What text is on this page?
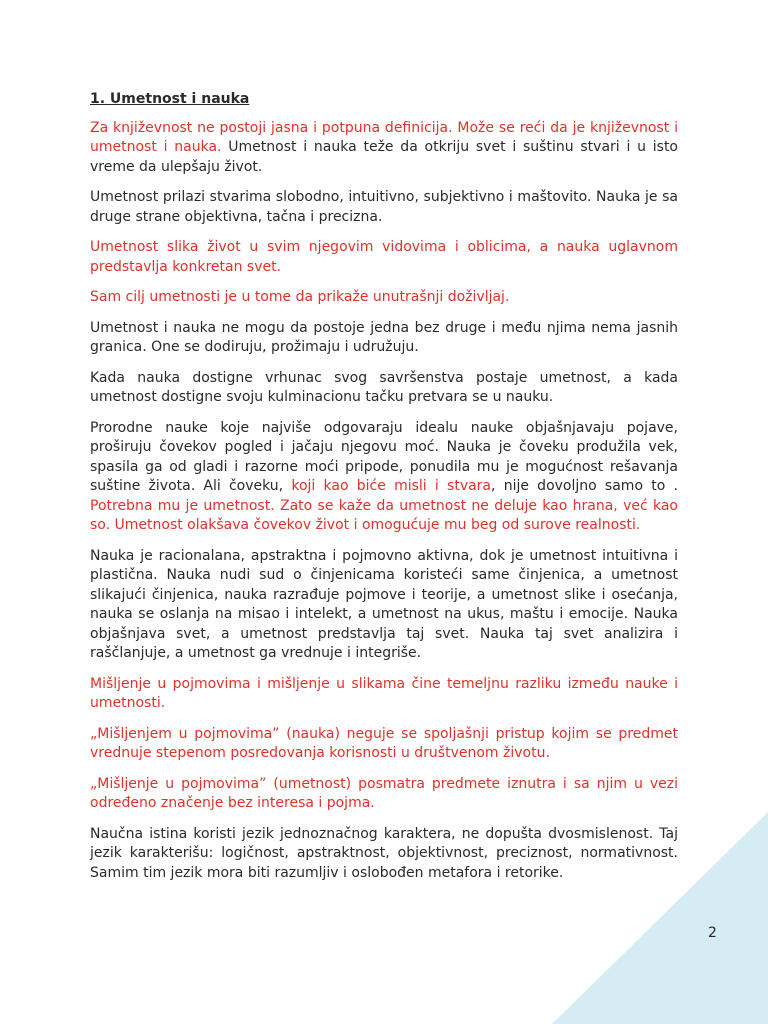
1. Umetnost i nauka

Za književnost ne postoji jasna i potpuna definicija. Može se reći da je književnost i umetnost i nauka. Umetnost i nauka teže da otkriju svet i suštinu stvari i u isto vreme da ulepšaju život.

Umetnost prilazi stvarima slobodno, intuitivno, subjektivno i maštovito. Nauka je sa druge strane objektivna, tačna i precizna.

Umetnost slika život u svim njegovim vidovima i oblicima, a nauka uglavnom predstavlja konkretan svet.

Sam cilj umetnosti je u tome da prikaže unutrašnji doživljaj.

Umetnost i nauka ne mogu da postoje jedna bez druge i među njima nema jasnih granica. One se dodiruju, prožimaju i udružuju.

Kada nauka dostigne vrhunac svog savršenstva postaje umetnost, a kada umetnost dostigne svoju kulminacionu tačku pretvara se u nauku.

Prorodne nauke koje najviše odgovaraju idealu nauke objašnjavaju pojave, proširuju čovekov pogled i jačaju njegovu moć. Nauka je čoveku produžila vek, spasila ga od gladi i razorne moći pripode, ponudila mu je mogućnost rešavanja suštine života. Ali čoveku, koji kao biće misli i stvara, nije dovoljno samo to . Potrebna mu je umetnost. Zato se kaže da umetnost ne deluje kao hrana, već kao so. Umetnost olakšava čovekov život i omogućuje mu beg od surove realnosti.

Nauka je racionalana, apstraktna i pojmovno aktivna, dok je umetnost intuitivna i plastična. Nauka nudi sud o činjenicama koristeći same činjenica, a umetnost slikajući činjenica, nauka razrađuje pojmove i teorije, a umetnost slike i osećanja, nauka se oslanja na misao i intelekt, a umetnost na ukus, maštu i emocije. Nauka objašnjava svet, a umetnost predstavlja taj svet. Nauka taj svet analizira i raščlanjuje, a umetnost ga vrednuje i integriše.

Mišljenje u pojmovima i mišljenje u slikama čine temeljnu razliku između nauke i umetnosti.

„Mišljenjem u pojmovima” (nauka) neguje se spoljašnji pristup kojim se predmet vrednuje stepenom posredovanja korisnosti u društvenom životu.

„Mišljenje u pojmovima” (umetnost) posmatra predmete iznutra i sa njim u vezi određeno značenje bez interesa i pojma.

Naučna istina koristi jezik jednoznačnog karaktera, ne dopušta dvosmislenost. Taj jezik karakterišu: logičnost, apstraktnost, objektivnost, preciznost, normativnost. Samim tim jezik mora biti razumljiv i oslobođen metafora i retorike.

2
